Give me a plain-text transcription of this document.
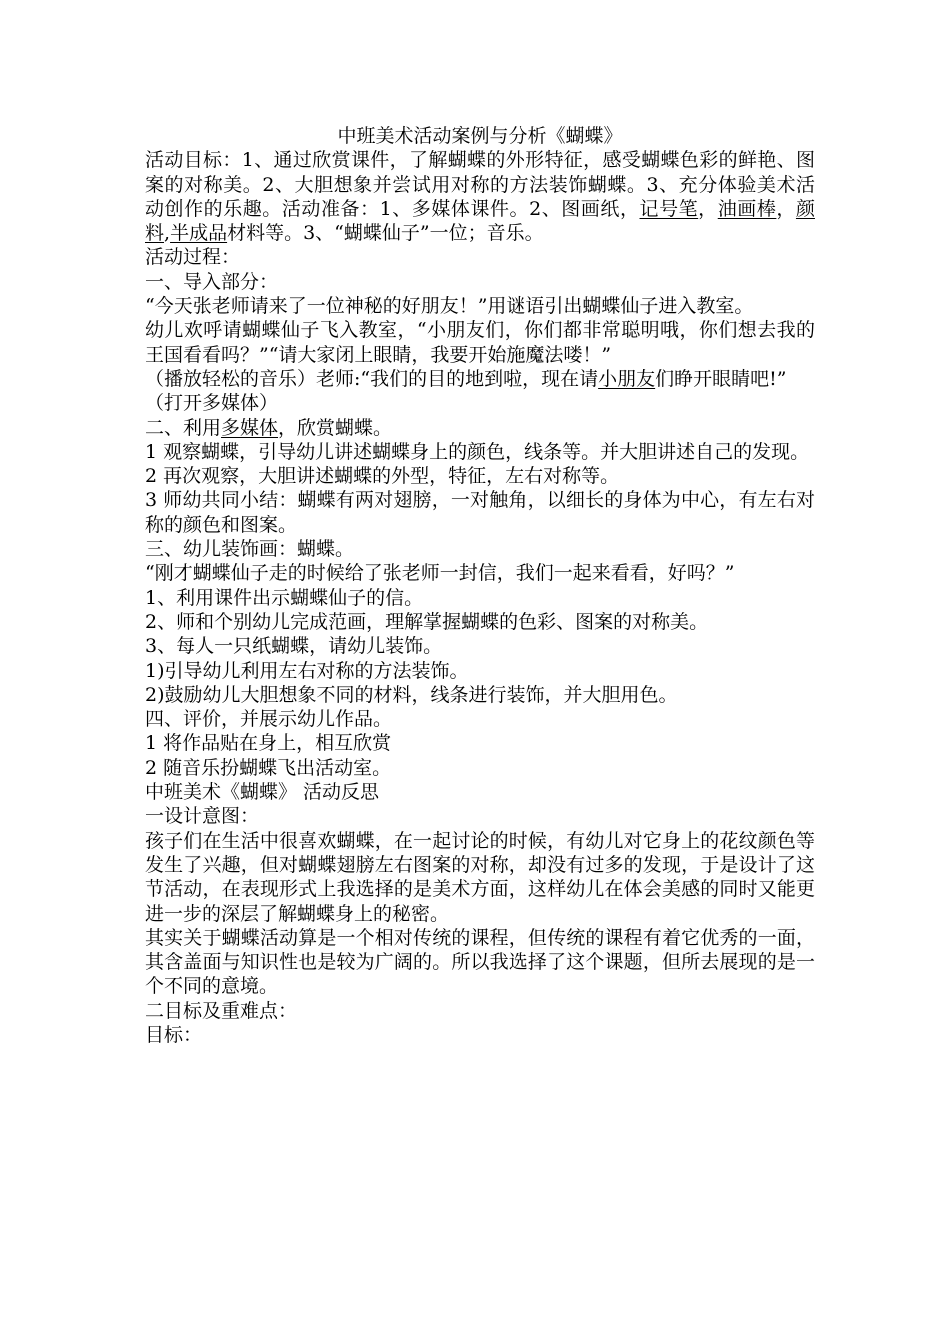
中班美术活动案例与分析《蝴蝶》

活动目标：1、通过欣赏课件，了解蝴蝶的外形特征，感受蝴蝶色彩的鲜艳、图案的对称美。2、大胆想象并尝试用对称的方法装饰蝴蝶。3、充分体验美术活动创作的乐趣。活动准备：1、多媒体课件。2、图画纸，记号笔，油画棒，颜料,半成品材料等。3、“蝴蝶仙子”一位；音乐。

活动过程：

一、导入部分：

“今天张老师请来了一位神秘的好朋友！”用谜语引出蝴蝶仙子进入教室。

幼儿欢呼请蝴蝶仙子飞入教室，“小朋友们，你们都非常聪明哦，你们想去我的王国看看吗？”“请大家闭上眼睛，我要开始施魔法喽！”

（播放轻松的音乐）老师:“我们的目的地到啦，现在请小朋友们睁开眼睛吧!”

（打开多媒体）

二、利用多媒体，欣赏蝴蝶。

1 观察蝴蝶，引导幼儿讲述蝴蝶身上的颜色，线条等。并大胆讲述自己的发现。

2 再次观察，大胆讲述蝴蝶的外型，特征，左右对称等。

3 师幼共同小结：蝴蝶有两对翅膀，一对触角，以细长的身体为中心，有左右对称的颜色和图案。

三、幼儿装饰画：蝴蝶。

“刚才蝴蝶仙子走的时候给了张老师一封信，我们一起来看看，好吗？”

1、利用课件出示蝴蝶仙子的信。

2、师和个别幼儿完成范画，理解掌握蝴蝶的色彩、图案的对称美。

3、每人一只纸蝴蝶，请幼儿装饰。

1)引导幼儿利用左右对称的方法装饰。

2)鼓励幼儿大胆想象不同的材料，线条进行装饰，并大胆用色。

四、评价，并展示幼儿作品。

1 将作品贴在身上，相互欣赏

2 随音乐扮蝴蝶飞出活动室。

中班美术《蝴蝶》 活动反思

一设计意图：

孩子们在生活中很喜欢蝴蝶，在一起讨论的时候，有幼儿对它身上的花纹颜色等发生了兴趣，但对蝴蝶翅膀左右图案的对称，却没有过多的发现，于是设计了这节活动，在表现形式上我选择的是美术方面，这样幼儿在体会美感的同时又能更进一步的深层了解蝴蝶身上的秘密。

其实关于蝴蝶活动算是一个相对传统的课程，但传统的课程有着它优秀的一面，其含盖面与知识性也是较为广阔的。所以我选择了这个课题，但所去展现的是一个不同的意境。

二目标及重难点：

目标：
